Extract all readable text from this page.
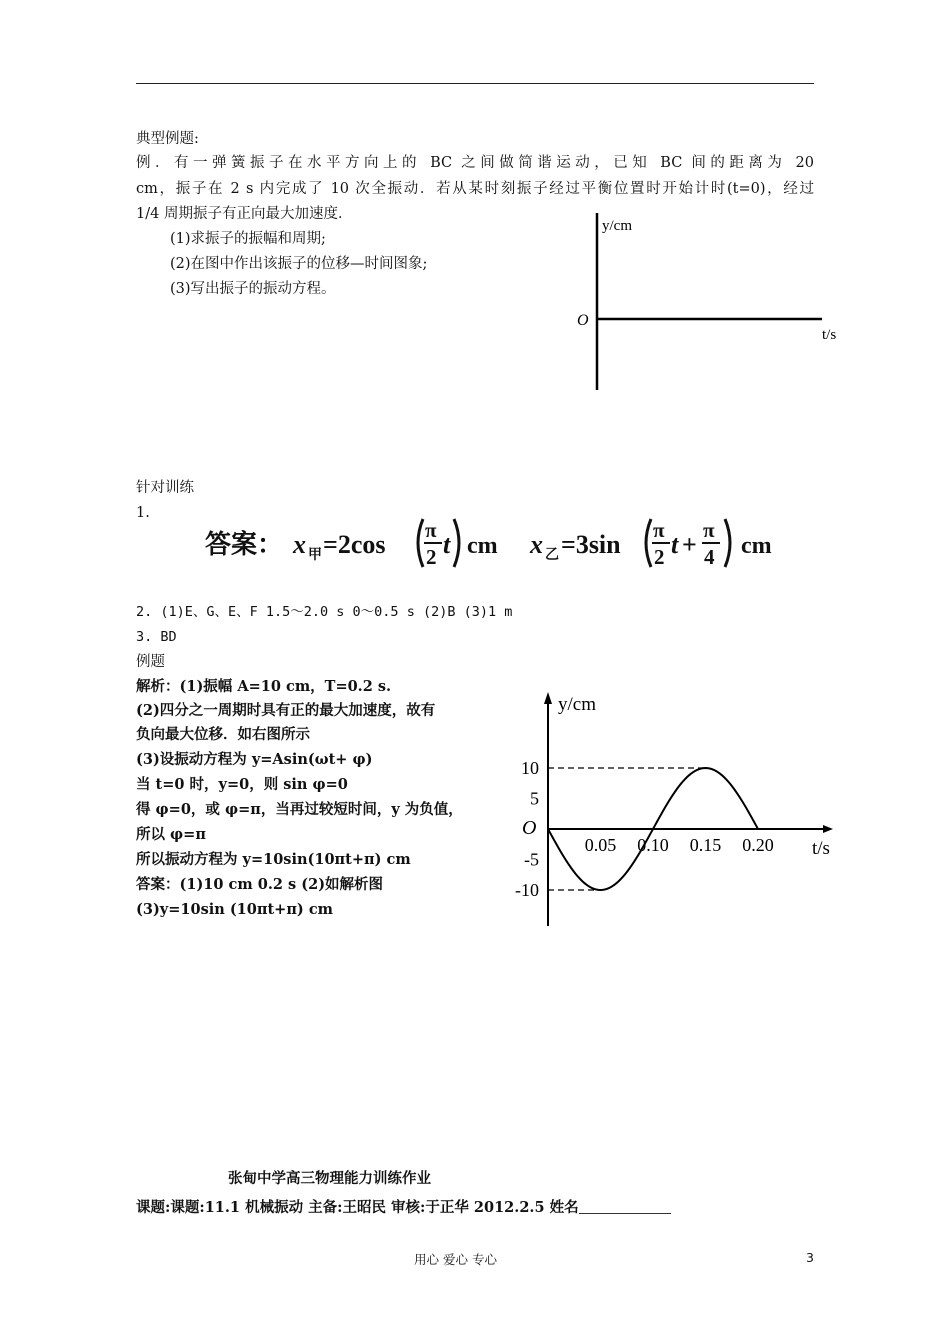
典型例题:
例．有一弹簧振子在水平方向上的 BC 之间做简谐运动，已知 BC 间的距离为 20
cm，振子在 2 s 内完成了 10 次全振动．若从某时刻振子经过平衡位置时开始计时(t=0)，经过
1/4 周期振子有正向最大加速度．
(1)求振子的振幅和周期;
(2)在图中作出该振子的位移—时间图象;
(3)写出振子的振动方程。
y/cm
O
t/s
针对训练
1.
答案： x 甲 =2cos π
2 t cm x 乙 =3sin π
2 t + π
4 cm
2. (1)E、G、E、F 1.5～2.0 s 0～0.5 s (2)B (3)1 m
3. BD
例题
解析：(1)振幅 A=10 cm，T=0.2 s.
(2)四分之一周期时具有正的最大加速度，故有
负向最大位移．如右图所示
(3)设振动方程为 y=Asin(ωt+ φ)
当 t=0 时，y=0，则 sin φ=0
得 φ=0，或 φ=π，当再过较短时间，y 为负值，
所以 φ=π
所以振动方程为 y=10sin(10πt+π) cm
答案：(1)10 cm 0.2 s (2)如解析图
(3)y=10sin (10πt+π) cm
0.05 0.10 0.15 0.20
10
5
-5
-10
y/cm
t/s
O
张甸中学高三物理能力训练作业
课题:课题:11.1 机械振动 主备:王昭民 审核:于正华 2012.2.5 姓名
用心 爱心 专心	3
